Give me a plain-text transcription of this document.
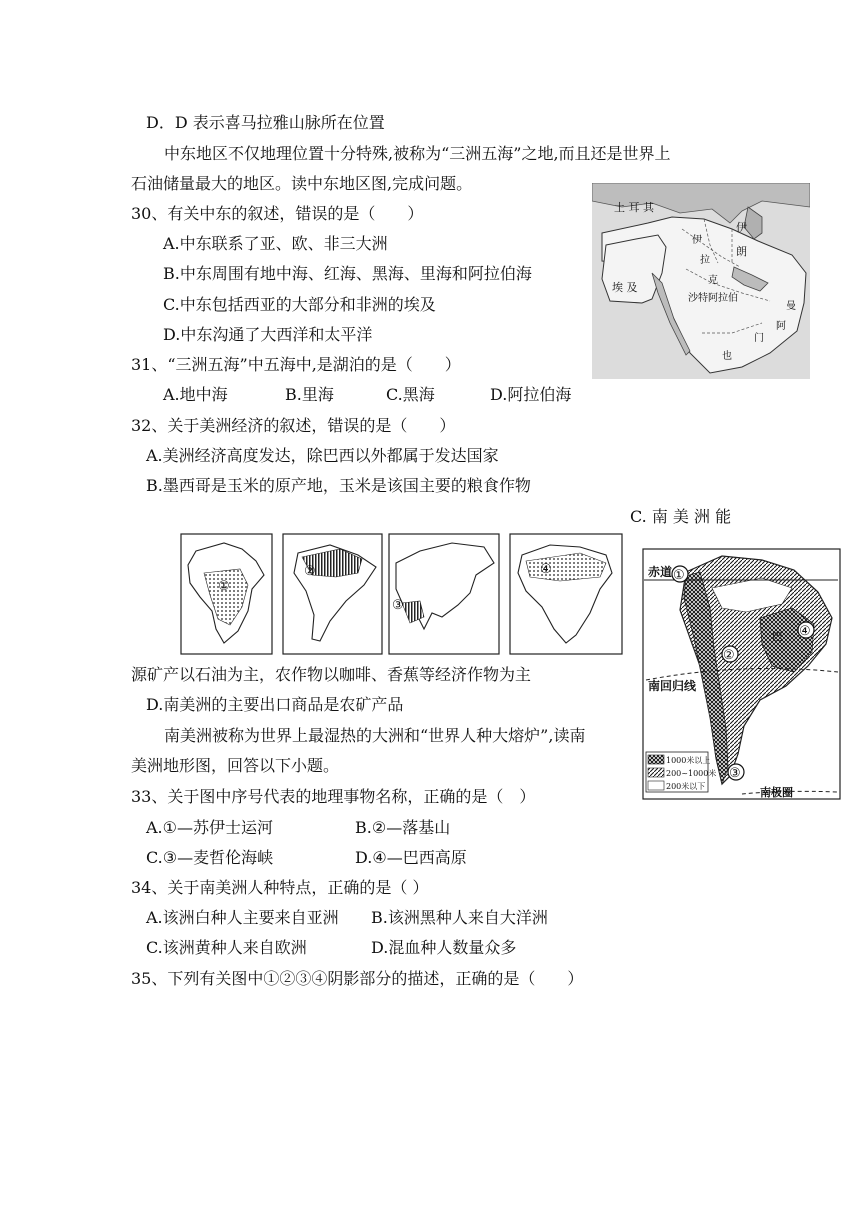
D．D 表示喜马拉雅山脉所在位置
中东地区不仅地理位置十分特殊,被称为“三洲五海”之地,而且还是世界上
石油储量最大的地区。读中东地区图,完成问题。
30、有关中东的叙述，错误的是（　　）
A.中东联系了亚、欧、非三大洲
B.中东周围有地中海、红海、黑海、里海和阿拉伯海
C.中东包括西亚的大部分和非洲的埃及
D.中东沟通了大西洋和太平洋
31、“三洲五海”中五海中,是湖泊的是（　　）
A.地中海	B.里海	C.黑海	D.阿拉伯海
32、关于美洲经济的叙述，错误的是（　　）
A.美洲经济高度发达，除巴西以外都属于发达国家
B.墨西哥是玉米的原产地，玉米是该国主要的粮食作物
C. 南 美 洲 能
源矿产以石油为主，农作物以咖啡、香蕉等经济作物为主
D.南美洲的主要出口商品是农矿产品
南美洲被称为世界上最湿热的大洲和“世界人种大熔炉”,读南
美洲地形图，回答以下小题。
33、关于图中序号代表的地理事物名称，正确的是（　）
A.①—苏伊士运河	B.②—落基山
C.③—麦哲伦海峡	D.④—巴西高原
34、关于南美洲人种特点，正确的是（ ）
A.该洲白种人主要来自亚洲 B.该洲黑种人来自大洋洲
C.该洲黄种人来自欧洲	D.混血种人数量众多
35、下列有关图中①②③④阴影部分的描述，正确的是（　　）
土 耳 其
伊
朗
伊
拉
克
埃 及
沙特阿拉伯
曼
阿
门
也
①
②
③
④	赤道
南回归线
①
②
③
④
巴
1000米以上
200~1000米
200米以下	南极圈
